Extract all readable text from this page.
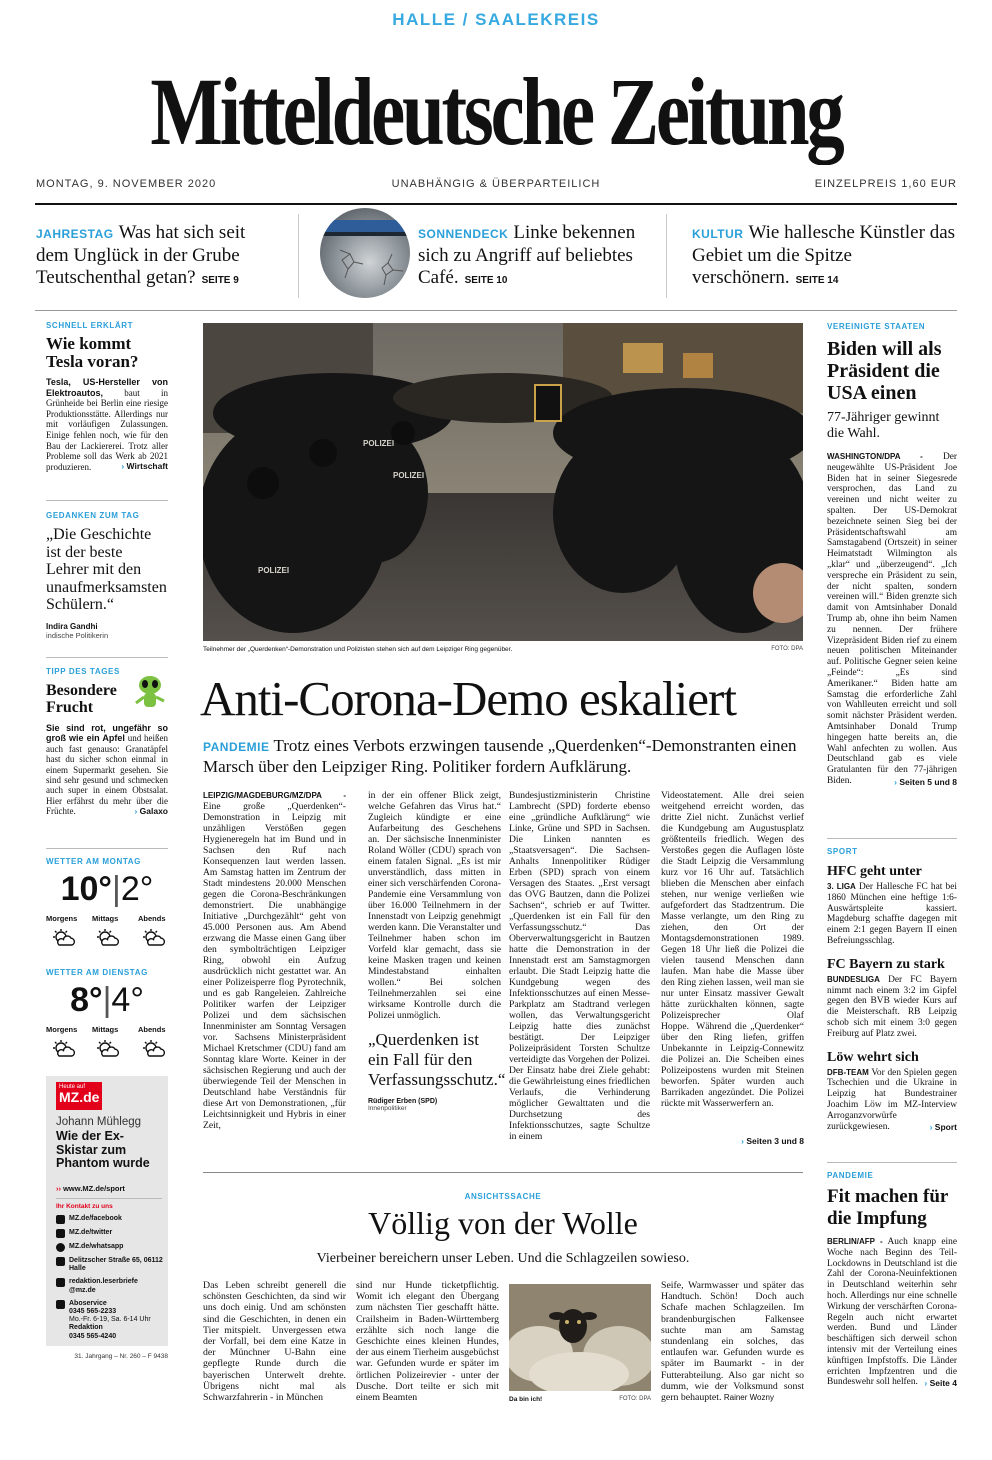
HALLE / SAALEKREIS
Mitteldeutsche Zeitung
MONTAG, 9. NOVEMBER 2020	UNABHÄNGIG & ÜBERPARTEILICH	EINZELPREIS 1,60 EUR
JAHRESTAG Was hat sich seit dem Unglück in der Grube Teutschenthal getan? SEITE 9
SONNENDECK Linke bekennen sich zu Angriff auf beliebtes Café. SEITE 10
KULTUR Wie hallesche Künstler das Gebiet um die Spitze verschönern. SEITE 14
SCHNELL ERKLÄRT
Wie kommt Tesla voran?
Tesla, US-Hersteller von Elektroautos, baut in Grünheide bei Berlin eine riesige Produktionsstätte. Allerdings nur mit vorläufigen Zulassungen. Einige fehlen noch, wie für den Bau der Lackiererei. Trotz aller Probleme soll das Werk ab 2021 produzieren.	› Wirtschaft
GEDANKEN ZUM TAG
„Die Geschichte ist der beste Lehrer mit den unaufmerksamsten Schülern.“
Indira Gandhi
indische Politikerin
TIPP DES TAGES
Besondere Frucht
Sie sind rot, ungefähr so groß wie ein Apfel und heißen auch fast genauso: Granatäpfel hast du sicher schon einmal in einem Supermarkt gesehen. Sie sind sehr gesund und schmecken auch super in einem Obstsalat. Hier erfährst du mehr über die Früchte.	› Galaxo
WETTER AM MONTAG
10°|2°
Morgens Mittags	Abends
WETTER AM DIENSTAG
8°|4°
Morgens Mittags	Abends
Heute auf
MZ.de
Johann Mühlegg
Wie der Ex-Skistar zum Phantom wurde
›› www.MZ.de/sport
Ihr Kontakt zu uns
MZ.de/facebook
MZ.de/twitter
MZ.de/whatsapp
Delitzscher Straße 65, 06112 Halle
redaktion.leserbriefe @mz.de
Aboservice
0345 565-2233
Mo.-Fr. 6-19, Sa. 6-14 Uhr
Redaktion
0345 565-4240
31. Jahrgang – Nr. 260 – F 9438
POLIZEI
POLIZEI
POLIZEI
Teilnehmer der „Querdenken“-Demonstration und Polizisten stehen sich auf dem Leipziger Ring gegenüber.	FOTO: DPA
Anti-Corona-Demo eskaliert
PANDEMIE Trotz eines Verbots erzwingen tausende „Querdenken“-Demonstranten einen Marsch über den Leipziger Ring. Politiker fordern Aufklärung.
LEIPZIG/MAGDEBURG/MZ/DPA - Eine große „Querdenken“-Demonstration in Leipzig mit unzähligen Verstößen gegen Hygieneregeln hat im Bund und in Sachsen den Ruf nach Konsequenzen laut werden lassen. Am Samstag hatten im Zentrum der Stadt mindestens 20.000 Menschen gegen die Corona-Beschränkungen demonstriert. Die unabhängige Initiative „Durchgezählt“ geht von 45.000 Personen aus. Am Abend erzwang die Masse einen Gang über den symbolträchtigen Leipziger Ring, obwohl ein Aufzug ausdrücklich nicht gestattet war. An einer Polizeisperre flog Pyrotechnik, und es gab Rangeleien. Zahlreiche Politiker warfen der Leipziger Polizei und dem sächsischen Innenminister am Sonntag Versagen vor.  Sachsens Ministerpräsident Michael Kretschmer (CDU) fand am Sonntag klare Worte. Keiner in der sächsischen Regierung und auch der überwiegende Teil der Menschen in Deutschland habe Verständnis für diese Art von Demonstrationen, „für Leichtsinnigkeit und Hybris in einer Zeit,
in der ein offener Blick zeigt, welche Gefahren das Virus hat.“ Zugleich kündigte er eine Aufarbeitung des Geschehens an.  Der sächsische Innenminister Roland Wöller (CDU) sprach von einem fatalen Signal. „Es ist mir unverständlich, dass mitten in einer sich verschärfenden Corona-Pandemie eine Versammlung von über 16.000 Teilnehmern in der Innenstadt von Leipzig genehmigt werden kann. Die Veranstalter und Teilnehmer haben schon im Vorfeld klar gemacht, dass sie keine Masken tragen und keinen Mindestabstand einhalten wollen.“ Bei solchen Teilnehmerzahlen sei eine wirksame Kontrolle durch die Polizei unmöglich.
„Querdenken ist ein Fall für den Verfassungsschutz.“
Rüdiger Erben (SPD)
Innenpolitiker
Bundesjustizministerin Christine Lambrecht (SPD) forderte ebenso eine „gründliche Aufklärung“ wie Linke, Grüne und SPD in Sachsen. Die Linken nannten es „Staatsversagen“. Die Sachsen-Anhalts Innenpolitiker Rüdiger Erben (SPD) sprach von einem Versagen des Staates. „Erst versagt das OVG Bautzen, dann die Polizei Sachsen“, schrieb er auf Twitter. „Querdenken ist ein Fall für den Verfassungsschutz.“  Das Oberverwaltungsgericht in Bautzen hatte die Demonstration in der Innenstadt erst am Samstagmorgen erlaubt. Die Stadt Leipzig hatte die Kundgebung wegen des Infektionsschutzes auf einen Messe-Parkplatz am Stadtrand verlegen wollen, das Verwaltungsgericht Leipzig hatte dies zunächst bestätigt.  Der Leipziger Polizeipräsident Torsten Schultze verteidigte das Vorgehen der Polizei. Der Einsatz habe drei Ziele gehabt: die Gewährleistung eines friedlichen Verlaufs, die Verhinderung möglicher Gewalttaten und die Durchsetzung des Infektionsschutzes, sagte Schultze in einem
Videostatement. Alle drei seien weitgehend erreicht worden, das dritte Ziel nicht.  Zunächst verlief die Kundgebung am Augustusplatz größtenteils friedlich. Wegen des Verstoßes gegen die Auflagen löste die Stadt Leipzig die Versammlung kurz vor 16 Uhr auf. Tatsächlich blieben die Menschen aber einfach stehen, nur wenige verließen wie aufgefordert das Stadtzentrum. Die Masse verlangte, um den Ring zu ziehen, den Ort der Montagsdemonstrationen 1989. Gegen 18 Uhr ließ die Polizei die vielen tausend Menschen dann laufen. Man habe die Masse über den Ring ziehen lassen, weil man sie nur unter Einsatz massiver Gewalt hätte zurückhalten können, sagte Polizeisprecher Olaf Hoppe.  Während die „Querdenker“ über den Ring liefen, griffen Unbekannte in Leipzig-Connewitz die Polizei an. Die Scheiben eines Polizeipostens wurden mit Steinen beworfen. Später wurden auch Barrikaden angezündet. Die Polizei rückte mit Wasserwerfern an.
› Seiten 3 und 8
ANSICHTSSACHE
Völlig von der Wolle
Vierbeiner bereichern unser Leben. Und die Schlagzeilen sowieso.
Das Leben schreibt generell die schönsten Geschichten, da sind wir uns doch einig. Und am schönsten sind die Geschichten, in denen ein Tier mitspielt.  Unvergessen etwa der Vorfall, bei dem eine Katze in der Münchner U-Bahn eine gepflegte Runde durch die bayerischen Unterwelt drehte. Übrigens nicht mal als Schwarzfahrerin - in München
sind nur Hunde ticketpflichtig. Womit ich elegant den Übergang zum nächsten Tier geschafft hätte. Crailsheim in Baden-Württemberg erzählte sich noch lange die Geschichte eines kleinen Hundes, der aus einem Tierheim ausgebüchst war. Gefunden wurde er später im örtlichen Polizeirevier - unter der Dusche. Dort teilte er sich mit einem Beamten	Da bin ich!	FOTO: DPA
Seife, Warmwasser und später das Handtuch. Schön!  Doch auch Schafe machen Schlagzeilen. Im brandenburgischen Falkensee suchte man am Samstag stundenlang ein solches, das entlaufen war. Gefunden wurde es später im Baumarkt - in der Futterabteilung. Also gar nicht so dumm, wie der Volksmund sonst gern behauptet. Rainer Wozny
VEREINIGTE STAATEN
Biden will als Präsident die USA einen
77-Jähriger gewinnt die Wahl.
WASHINGTON/DPA - Der neugewählte US-Präsident Joe Biden hat in seiner Siegesrede versprochen, das Land zu vereinen und nicht weiter zu spalten. Der US-Demokrat bezeichnete seinen Sieg bei der Präsidentschaftswahl am Samstagabend (Ortszeit) in seiner Heimatstadt Wilmington als „klar“ und „überzeugend“. „Ich verspreche ein Präsident zu sein, der nicht spalten, sondern vereinen will.“ Biden grenzte sich damit von Amtsinhaber Donald Trump ab, ohne ihn beim Namen zu nennen. Der frühere Vizepräsident Biden rief zu einem neuen politischen Miteinander auf. Politische Gegner seien keine „Feinde“: „Es sind Amerikaner.“  Biden hatte am Samstag die erforderliche Zahl von Wahlleuten erreicht und soll somit nächster Präsident werden. Amtsinhaber Donald Trump hingegen hatte bereits an, die Wahl anfechten zu wollen. Aus Deutschland gab es viele Gratulanten für den 77-jährigen Biden.	› Seiten 5 und 8
SPORT
HFC geht unter
3. LIGA Der Hallesche FC hat bei 1860 München eine heftige 1:6-Auswärtspleite kassiert. Magdeburg schaffte dagegen mit einem 2:1 gegen Bayern II einen Befreiungsschlag.
FC Bayern zu stark
BUNDESLIGA Der FC Bayern nimmt nach einem 3:2 im Gipfel gegen den BVB wieder Kurs auf die Meisterschaft. RB Leipzig schob sich mit einem 3:0 gegen Freiburg auf Platz zwei.
Löw wehrt sich
DFB-TEAM Vor den Spielen gegen Tschechien und die Ukraine in Leipzig hat Bundestrainer Joachim Löw im MZ-Interview Arroganzvorwürfe zurückgewiesen.	› Sport
PANDEMIE
Fit machen für die Impfung
BERLIN/AFP - Auch knapp eine Woche nach Beginn des Teil-Lockdowns in Deutschland ist die Zahl der Corona-Neuinfektionen in Deutschland weiterhin sehr hoch. Allerdings nur eine schnelle Wirkung der verschärften Corona-Regeln auch nicht erwartet werden. Bund und Länder beschäftigen sich derweil schon intensiv mit der Verteilung eines künftigen Impfstoffs. Die Länder errichten Impfzentren und die Bundeswehr soll helfen.	› Seite 4
